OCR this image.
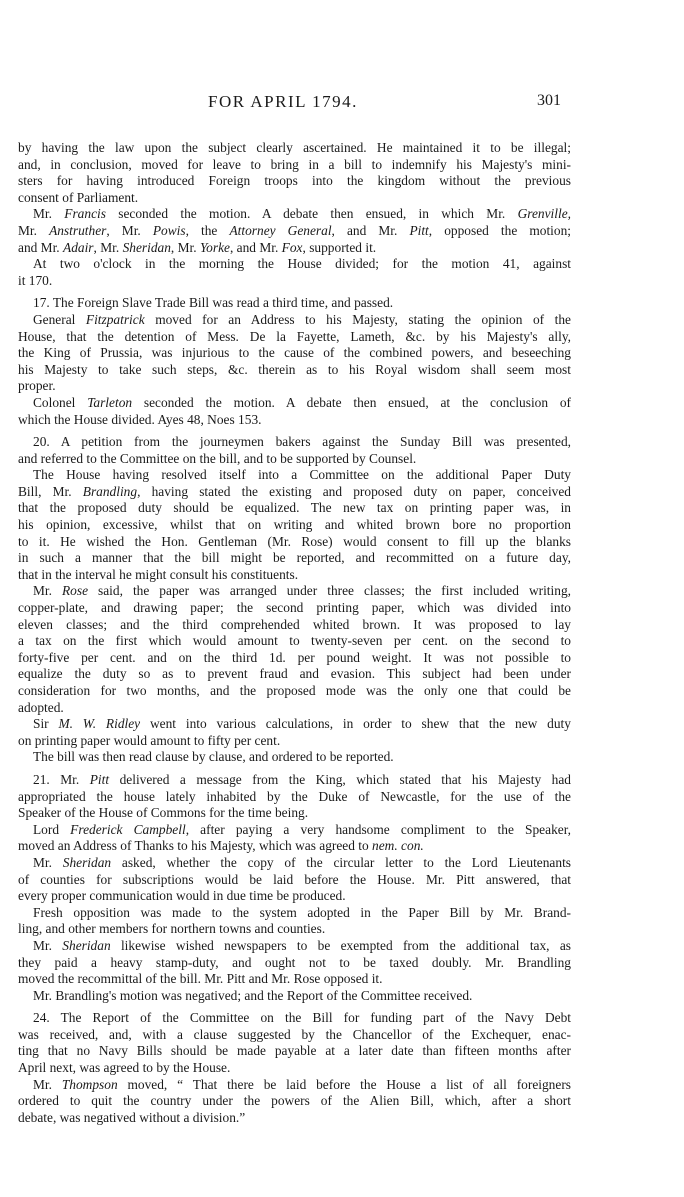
FOR APRIL 1794.	301
by having the law upon the subject clearly ascertained. He maintained it to be illegal;
and, in conclusion, moved for leave to bring in a bill to indemnify his Majesty's mini-
sters for having introduced Foreign troops into the kingdom without the previous
consent of Parliament.
Mr. Francis seconded the motion. A debate then ensued, in which Mr. Grenville,
Mr. Anstruther, Mr. Powis, the Attorney General, and Mr. Pitt, opposed the motion;
and Mr. Adair, Mr. Sheridan, Mr. Yorke, and Mr. Fox, supported it.
At two o'clock in the morning the House divided; for the motion 41, against
it 170.
17. The Foreign Slave Trade Bill was read a third time, and passed.
General Fitzpatrick moved for an Address to his Majesty, stating the opinion of the
House, that the detention of Mess. De la Fayette, Lameth, &c. by his Majesty's ally,
the King of Prussia, was injurious to the cause of the combined powers, and beseeching
his Majesty to take such steps, &c. therein as to his Royal wisdom shall seem most
proper.
Colonel Tarleton seconded the motion. A debate then ensued, at the conclusion of
which the House divided. Ayes 48, Noes 153.
20. A petition from the journeymen bakers against the Sunday Bill was presented,
and referred to the Committee on the bill, and to be supported by Counsel.
The House having resolved itself into a Committee on the additional Paper Duty
Bill, Mr. Brandling, having stated the existing and proposed duty on paper, conceived
that the proposed duty should be equalized. The new tax on printing paper was, in
his opinion, excessive, whilst that on writing and whited brown bore no proportion
to it. He wished the Hon. Gentleman (Mr. Rose) would consent to fill up the blanks
in such a manner that the bill might be reported, and recommitted on a future day,
that in the interval he might consult his constituents.
Mr. Rose said, the paper was arranged under three classes; the first included writing,
copper-plate, and drawing paper; the second printing paper, which was divided into
eleven classes; and the third comprehended whited brown. It was proposed to lay
a tax on the first which would amount to twenty-seven per cent. on the second to
forty-five per cent. and on the third 1d. per pound weight. It was not possible to
equalize the duty so as to prevent fraud and evasion. This subject had been under
consideration for two months, and the proposed mode was the only one that could be
adopted.
Sir M. W. Ridley went into various calculations, in order to shew that the new duty
on printing paper would amount to fifty per cent.
The bill was then read clause by clause, and ordered to be reported.
21. Mr. Pitt delivered a message from the King, which stated that his Majesty had
appropriated the house lately inhabited by the Duke of Newcastle, for the use of the
Speaker of the House of Commons for the time being.
Lord Frederick Campbell, after paying a very handsome compliment to the Speaker,
moved an Address of Thanks to his Majesty, which was agreed to nem. con.
Mr. Sheridan asked, whether the copy of the circular letter to the Lord Lieutenants
of counties for subscriptions would be laid before the House. Mr. Pitt answered, that
every proper communication would in due time be produced.
Fresh opposition was made to the system adopted in the Paper Bill by Mr. Brand-
ling, and other members for northern towns and counties.
Mr. Sheridan likewise wished newspapers to be exempted from the additional tax, as
they paid a heavy stamp-duty, and ought not to be taxed doubly. Mr. Brandling
moved the recommittal of the bill. Mr. Pitt and Mr. Rose opposed it.
Mr. Brandling's motion was negatived; and the Report of the Committee received.
24. The Report of the Committee on the Bill for funding part of the Navy Debt
was received, and, with a clause suggested by the Chancellor of the Exchequer, enac-
ting that no Navy Bills should be made payable at a later date than fifteen months after
April next, was agreed to by the House.
Mr. Thompson moved, “ That there be laid before the House a list of all foreigners
ordered to quit the country under the powers of the Alien Bill, which, after a short
debate, was negatived without a division.”
